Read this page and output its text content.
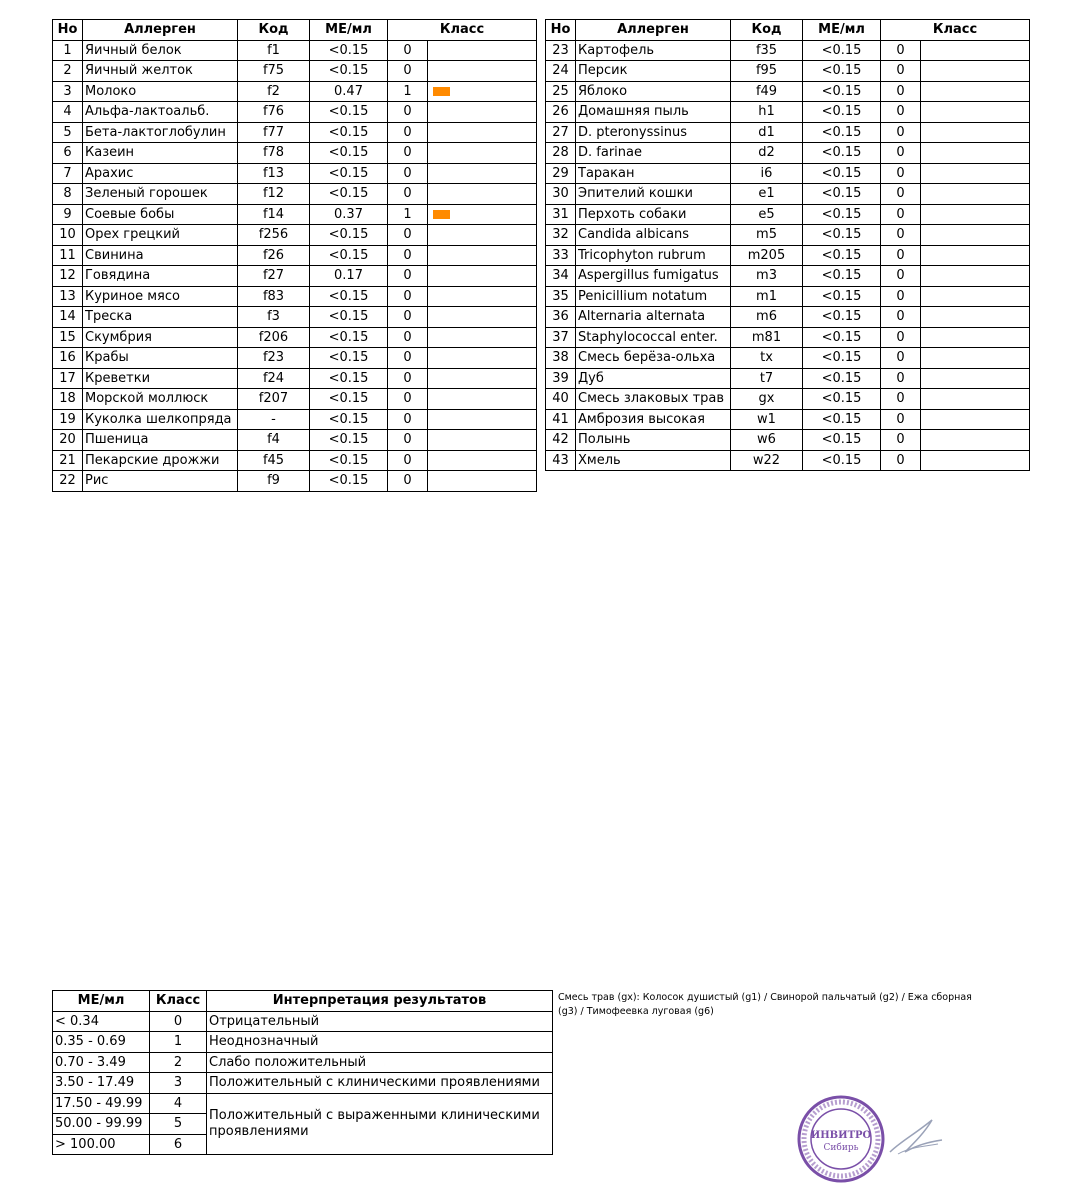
Но	Аллерген	Код	МЕ/мл	Класс	
1	Яичный белок	f1	<0.15	0	
2	Яичный желток	f75	<0.15	0	
3	Молоко	f2	0.47	1	
4	Альфа-лактоальб.	f76	<0.15	0	
5	Бета-лактоглобулин	f77	<0.15	0	
6	Казеин	f78	<0.15	0	
7	Арахис	f13	<0.15	0	
8	Зеленый горошек	f12	<0.15	0	
9	Соевые бобы	f14	0.37	1	
10	Орех грецкий	f256	<0.15	0	
11	Свинина	f26	<0.15	0	
12	Говядина	f27	0.17	0	
13	Куриное мясо	f83	<0.15	0	
14	Треска	f3	<0.15	0	
15	Скумбрия	f206	<0.15	0	
16	Крабы	f23	<0.15	0	
17	Креветки	f24	<0.15	0	
18	Морской моллюск	f207	<0.15	0	
19	Куколка шелкопряда	-	<0.15	0	
20	Пшеница	f4	<0.15	0	
21	Пекарские дрожжи	f45	<0.15	0	
22	Рис	f9	<0.15	0	
Но	Аллерген	Код	МЕ/мл	Класс	
23	Картофель	f35	<0.15	0	
24	Персик	f95	<0.15	0	
25	Яблоко	f49	<0.15	0	
26	Домашняя пыль	h1	<0.15	0	
27	D. pteronyssinus	d1	<0.15	0	
28	D. farinae	d2	<0.15	0	
29	Таракан	i6	<0.15	0	
30	Эпителий кошки	e1	<0.15	0	
31	Перхоть собаки	e5	<0.15	0	
32	Candida albicans	m5	<0.15	0	
33	Tricophyton rubrum	m205	<0.15	0	
34	Aspergillus fumigatus	m3	<0.15	0	
35	Penicillium notatum	m1	<0.15	0	
36	Alternaria alternata	m6	<0.15	0	
37	Staphylococcal enter.	m81	<0.15	0	
38	Смесь берёза-ольха	tx	<0.15	0	
39	Дуб	t7	<0.15	0	
40	Смесь злаковых трав	gx	<0.15	0	
41	Амброзия высокая	w1	<0.15	0	
42	Полынь	w6	<0.15	0	
43	Хмель	w22	<0.15	0	
МЕ/мл	Класс	Интерпретация результатов
< 0.34	0	Отрицательный
0.35 - 0.69	1	Неоднозначный
0.70 - 3.49	2	Слабо положительный
3.50 - 17.49	3	Положительный с клиническими проявлениями
17.50 - 49.99	4	Положительный с выраженными клиническими проявлениями
50.00 - 99.99	5	
> 100.00	6	
Смесь трав (gx): Колосок душистый (g1) / Свинорой пальчатый (g2) / Ежа сборная (g3) / Тимофеевка луговая (g6)
ИНВИТРО
Сибирь
